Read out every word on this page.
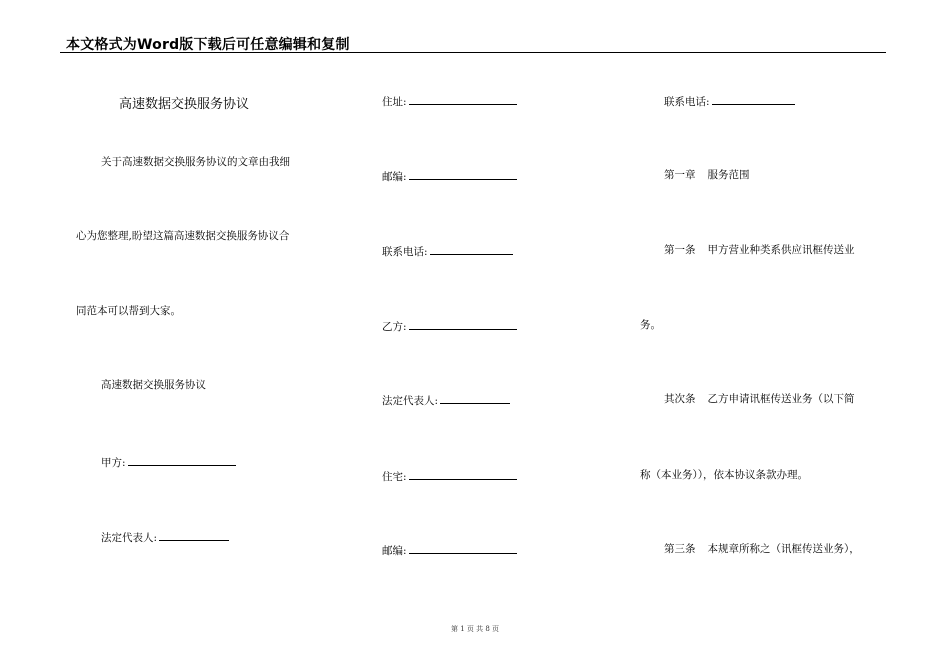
本文格式为Word版下载后可任意编辑和复制
高速数据交换服务协议
关于高速数据交换服务协议的文章由我细
心为您整理,盼望这篇高速数据交换服务协议合
同范本可以帮到大家。
高速数据交换服务协议
甲方:
法定代表人:
住址:
邮编:
联系电话:
乙方:
法定代表人:
住宅:
邮编:
联系电话:
第一章 服务范围
第一条 甲方营业种类系供应讯框传送业
务。
其次条 乙方申请讯框传送业务（以下简
称（本业务）），依本协议条款办理。
第三条 本规章所称之（讯框传送业务），
第 1 页 共 8 页
